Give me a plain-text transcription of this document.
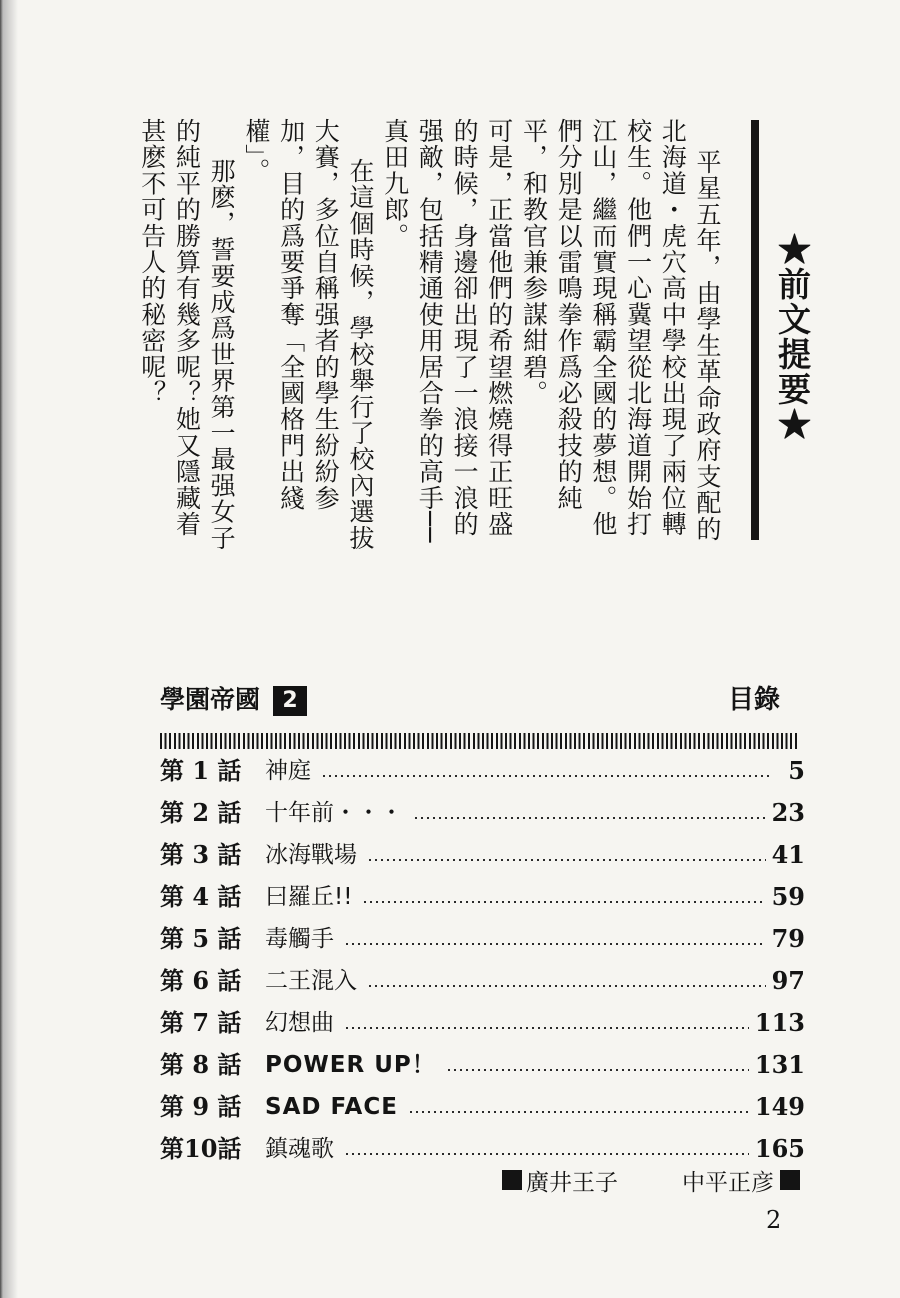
★前文提要★

平星五年，由學生革命政府支配的北海道・虎穴高中學校出現了兩位轉校生。他們一心冀望從北海道開始打江山，繼而實現稱霸全國的夢想。他們分別是以雷鳴拳作爲必殺技的純平，和教官兼参謀紺碧。

可是，正當他們的希望燃燒得正旺盛的時候，身邊卻出現了一浪接一浪的强敵，包括精通使用居合拳的高手──真田九郎。

在這個時候，學校舉行了校內選拔大賽，多位自稱强者的學生紛紛参加，目的爲要爭奪「全國格門出綫權」。

那麽，誓要成爲世界第一最强女子的純平的勝算有幾多呢？她又隱藏着甚麽不可告人的秘密呢？

學園帝國	2	目錄
第 1 話	神庭	5
第 2 話	十年前・・・	23
第 3 話	冰海戰場	41
第 4 話	曰羅丘!!	59
第 5 話	毒觸手	79
第 6 話	二王混入	97
第 7 話	幻想曲	113
第 8 話	POWER UP！	131
第 9 話	SAD FACE	149
第10話	鎮魂歌	165
廣井王子	中平正彦
2
